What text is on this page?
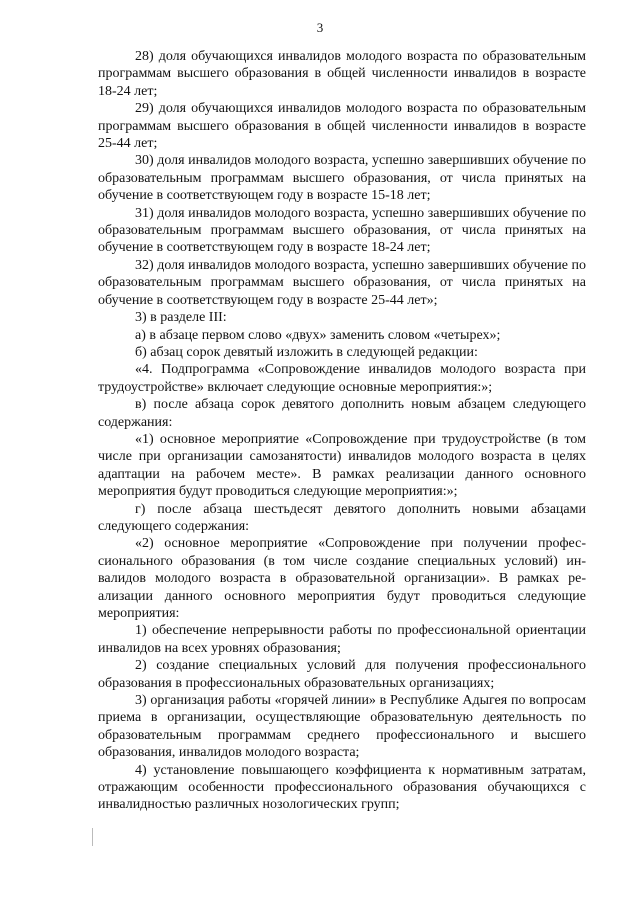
3

28) доля обучающихся инвалидов молодого возраста по образовательным программам высшего образования в общей численности инвалидов в возрасте 18-24 лет;

29) доля обучающихся инвалидов молодого возраста по образовательным программам высшего образования в общей численности инвалидов в возрасте 25-44 лет;

30) доля инвалидов молодого возраста, успешно завершивших обучение по образовательным программам высшего образования, от числа принятых на обучение в соответствующем году в возрасте 15-18 лет;

31) доля инвалидов молодого возраста, успешно завершивших обучение по образовательным программам высшего образования, от числа принятых на обучение в соответствующем году в возрасте 18-24 лет;

32) доля инвалидов молодого возраста, успешно завершивших обучение по образовательным программам высшего образования, от числа принятых на обучение в соответствующем году в возрасте 25-44 лет»;

3) в разделе III:

а) в абзаце первом слово «двух» заменить словом «четырех»;

б) абзац сорок девятый изложить в следующей редакции:

«4. Подпрограмма «Сопровождение инвалидов молодого возраста при трудоустройстве» включает следующие основные мероприятия:»;

в) после абзаца сорок девятого дополнить новым абзацем следующего содержания:

«1) основное мероприятие «Сопровождение при трудоустройстве (в том числе при организации самозанятости) инвалидов молодого возраста в целях адаптации на рабочем месте». В рамках реализации данного основного мероприятия будут проводиться следующие мероприятия:»;

г) после абзаца шестьдесят девятого дополнить новыми абзацами следующего содержания:

«2) основное мероприятие «Сопровождение при получении профессионального образования (в том числе создание специальных условий) инвалидов молодого возраста в образовательной организации». В рамках реализации данного основного мероприятия будут проводиться следующие мероприятия:

1) обеспечение непрерывности работы по профессиональной ориентации инвалидов на всех уровнях образования;

2) создание специальных условий для получения профессионального образования в профессиональных образовательных организациях;

3) организация работы «горячей линии» в Республике Адыгея по вопросам приема в организации, осуществляющие образовательную деятельность по образовательным программам среднего профессионального и высшего образования, инвалидов молодого возраста;

4) установление повышающего коэффициента к нормативным затратам, отражающим особенности профессионального образования обучающихся с инвалидностью различных нозологических групп;
